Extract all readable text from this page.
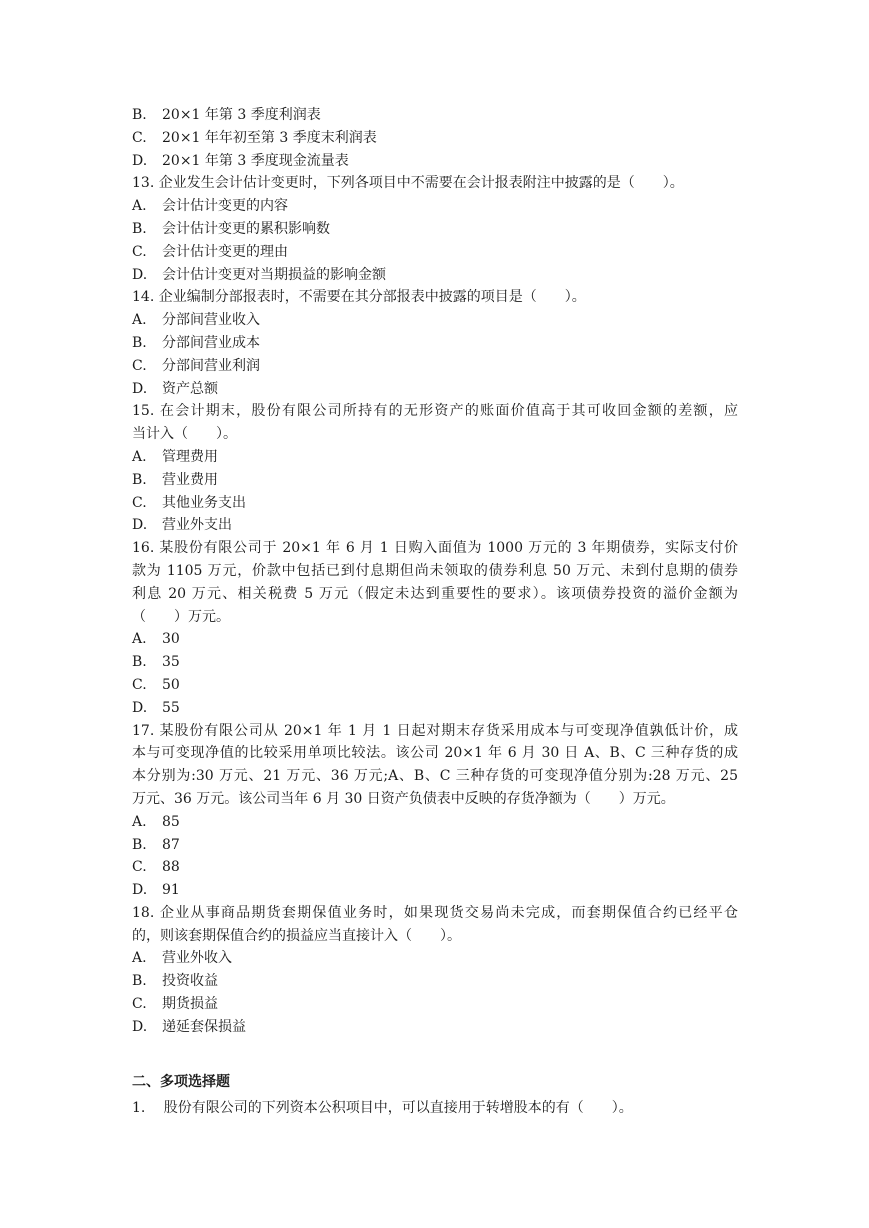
B.	20×1 年第 3 季度利润表
C.	20×1 年年初至第 3 季度末利润表
D.	20×1 年第 3 季度现金流量表
13. 企业发生会计估计变更时，下列各项目中不需要在会计报表附注中披露的是（　　）。
A.	会计估计变更的内容
B.	会计估计变更的累积影响数
C.	会计估计变更的理由
D.	会计估计变更对当期损益的影响金额
14. 企业编制分部报表时，不需要在其分部报表中披露的项目是（　　）。
A.	分部间营业收入
B.	分部间营业成本
C.	分部间营业利润
D.	资产总额
15. 在会计期末，股份有限公司所持有的无形资产的账面价值高于其可收回金额的差额，应
当计入（　　）。
A.	管理费用
B.	营业费用
C.	其他业务支出
D.	营业外支出
16. 某股份有限公司于 20×1 年 6 月 1 日购入面值为 1000 万元的 3 年期债券，实际支付价
款为 1105 万元，价款中包括已到付息期但尚未领取的债券利息 50 万元、未到付息期的债券
利息 20 万元、相关税费 5 万元（假定未达到重要性的要求）。该项债券投资的溢价金额为
（　　）万元。
A.	30
B.	35
C.	50
D.	55
17. 某股份有限公司从 20×1 年 1 月 1 日起对期末存货采用成本与可变现净值孰低计价，成
本与可变现净值的比较采用单项比较法。该公司 20×1 年 6 月 30 日 A、B、C 三种存货的成
本分别为:30 万元、21 万元、36 万元;A、B、C 三种存货的可变现净值分别为:28 万元、25
万元、36 万元。该公司当年 6 月 30 日资产负债表中反映的存货净额为（　　）万元。
A.	85
B.	87
C.	88
D.	91
18. 企业从事商品期货套期保值业务时，如果现货交易尚未完成，而套期保值合约已经平仓
的，则该套期保值合约的损益应当直接计入（　　）。
A.	营业外收入
B.	投资收益
C.	期货损益
D.	递延套保损益
二、多项选择题
1.　 股份有限公司的下列资本公积项目中，可以直接用于转增股本的有（　　）。
